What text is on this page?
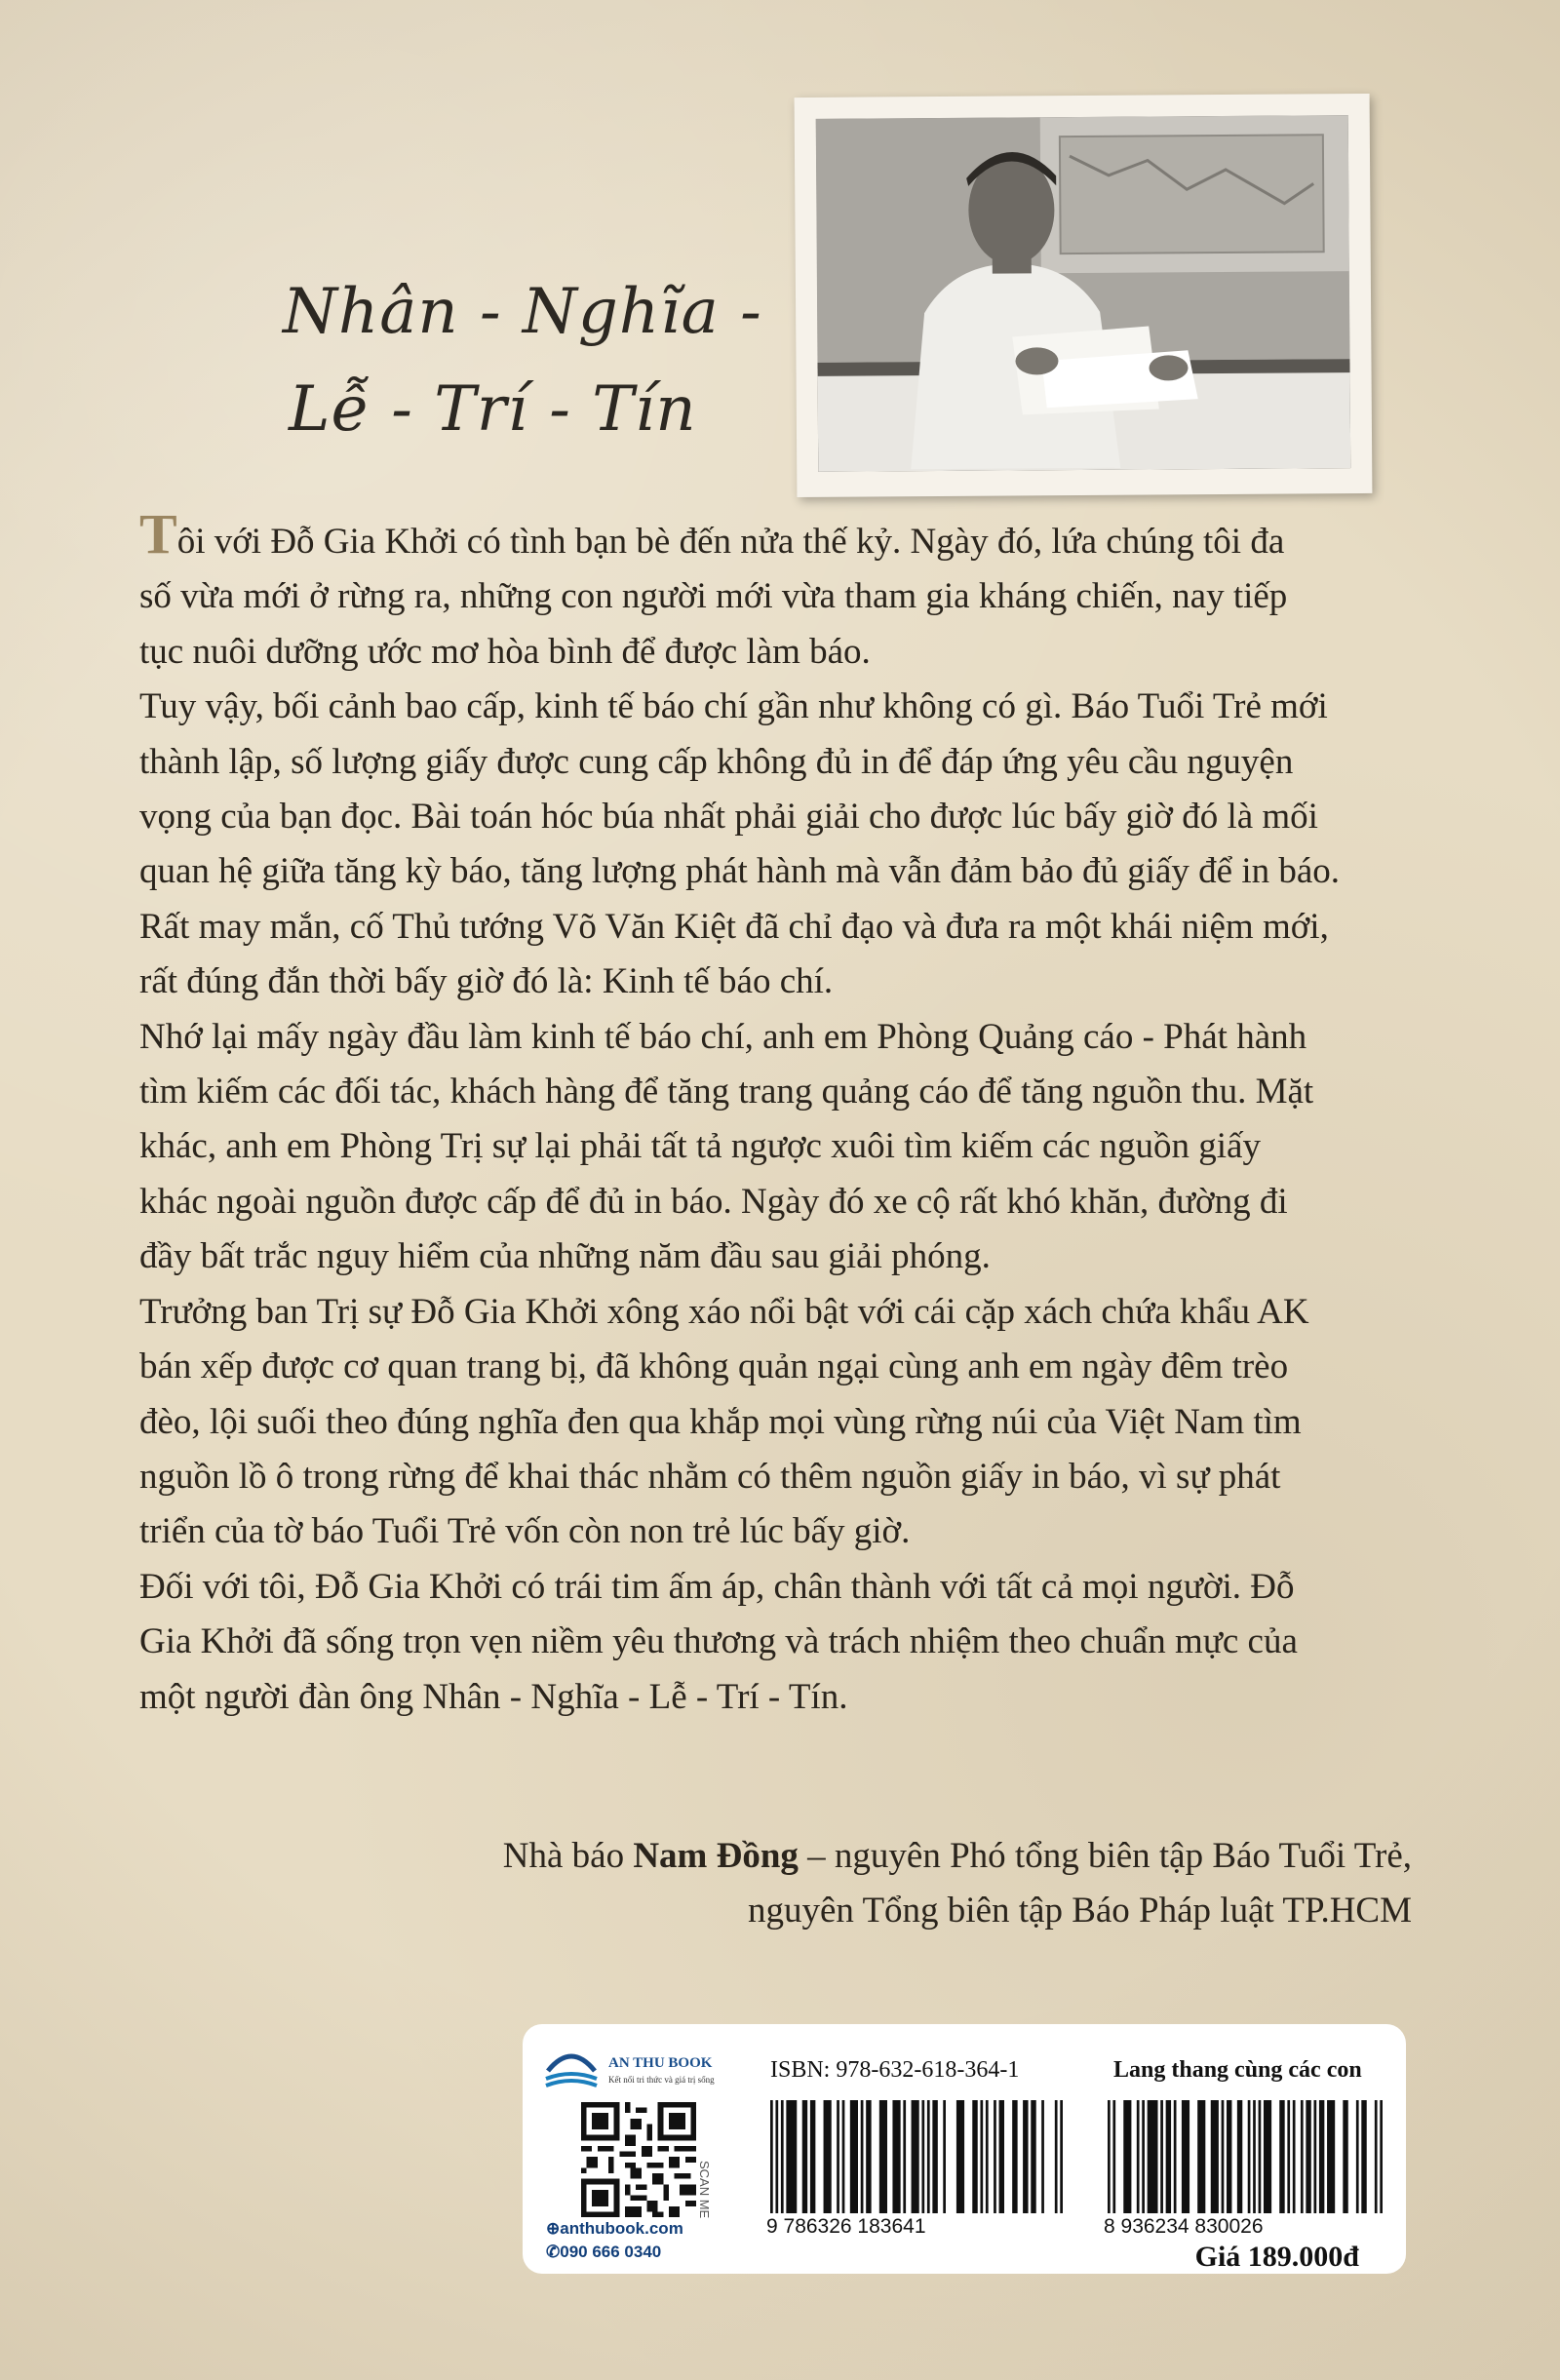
Nhân - Nghĩa -
Lễ - Trí - Tín

Tôi với Đỗ Gia Khởi có tình bạn bè đến nửa thế kỷ. Ngày đó, lứa chúng tôi đa

số vừa mới ở rừng ra, những con người mới vừa tham gia kháng chiến, nay tiếp

tục nuôi dưỡng ước mơ hòa bình để được làm báo.

Tuy vậy, bối cảnh bao cấp, kinh tế báo chí gần như không có gì. Báo Tuổi Trẻ mới

thành lập, số lượng giấy được cung cấp không đủ in để đáp ứng yêu cầu nguyện

vọng của bạn đọc. Bài toán hóc búa nhất phải giải cho được lúc bấy giờ đó là mối

quan hệ giữa tăng kỳ báo, tăng lượng phát hành mà vẫn đảm bảo đủ giấy để in báo.

Rất may mắn, cố Thủ tướng Võ Văn Kiệt đã chỉ đạo và đưa ra một khái niệm mới,

rất đúng đắn thời bấy giờ đó là: Kinh tế báo chí.

Nhớ lại mấy ngày đầu làm kinh tế báo chí, anh em Phòng Quảng cáo - Phát hành

tìm kiếm các đối tác, khách hàng để tăng trang quảng cáo để tăng nguồn thu. Mặt

khác, anh em Phòng Trị sự lại phải tất tả ngược xuôi tìm kiếm các nguồn giấy

khác ngoài nguồn được cấp để đủ in báo. Ngày đó xe cộ rất khó khăn, đường đi

đầy bất trắc nguy hiểm của những năm đầu sau giải phóng.

Trưởng ban Trị sự Đỗ Gia Khởi xông xáo nổi bật với cái cặp xách chứa khẩu AK

bán xếp được cơ quan trang bị, đã không quản ngại cùng anh em ngày đêm trèo

đèo, lội suối theo đúng nghĩa đen qua khắp mọi vùng rừng núi của Việt Nam tìm

nguồn lồ ô trong rừng để khai thác nhằm có thêm nguồn giấy in báo, vì sự phát

triển của tờ báo Tuổi Trẻ vốn còn non trẻ lúc bấy giờ.

Đối với tôi, Đỗ Gia Khởi có trái tim ấm áp, chân thành với tất cả mọi người. Đỗ

Gia Khởi đã sống trọn vẹn niềm yêu thương và trách nhiệm theo chuẩn mực của

một người đàn ông Nhân - Nghĩa - Lễ - Trí - Tín.

Nhà báo Nam Đồng – nguyên Phó tổng biên tập Báo Tuổi Trẻ,
nguyên Tổng biên tập Báo Pháp luật TP.HCM
AN THU BOOK
Kết nối tri thức và giá trị sống
SCAN ME
⊕anthubook.com
✆090 666 0340
ISBN: 978-632-618-364-1	Lang thang cùng các con
9 786326 183641	8 936234 830026
Giá 189.000đ
